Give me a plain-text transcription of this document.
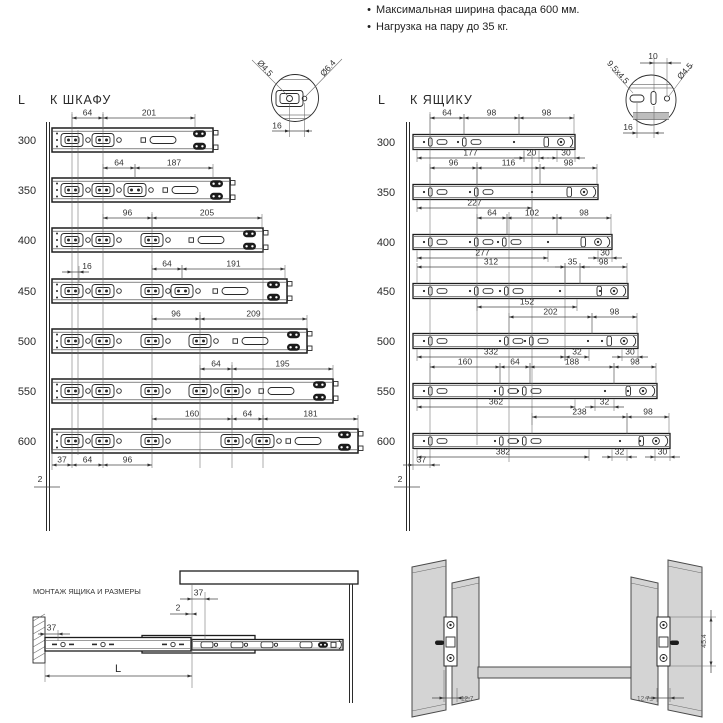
• Максимальная ширина фасада 600 мм.
• Нагрузка на пару до 35 кг.
L К ШКАФУ
300
64	201
350
64	187
400
96	205
450
64	191
16
500
96	209
550
64	195
600
160	64	181
37 64	96
2
L К ЯЩИКУ
300
64	98	98
177	20	30
350
96	116	98
227
400
64	102	98
277	30
450
312	35	98
152
500
202	98
332	32	30
550
160	64	188	98
362	32
600
238	98
382	32	30
37
2
Ø4.5	Ø6.4
16
10
9.5x4.5	Ø4.5
16
МОНТАЖ ЯЩИКА И РАЗМЕРЫ
37
37
2
L
45.4
12.7	12.7±
